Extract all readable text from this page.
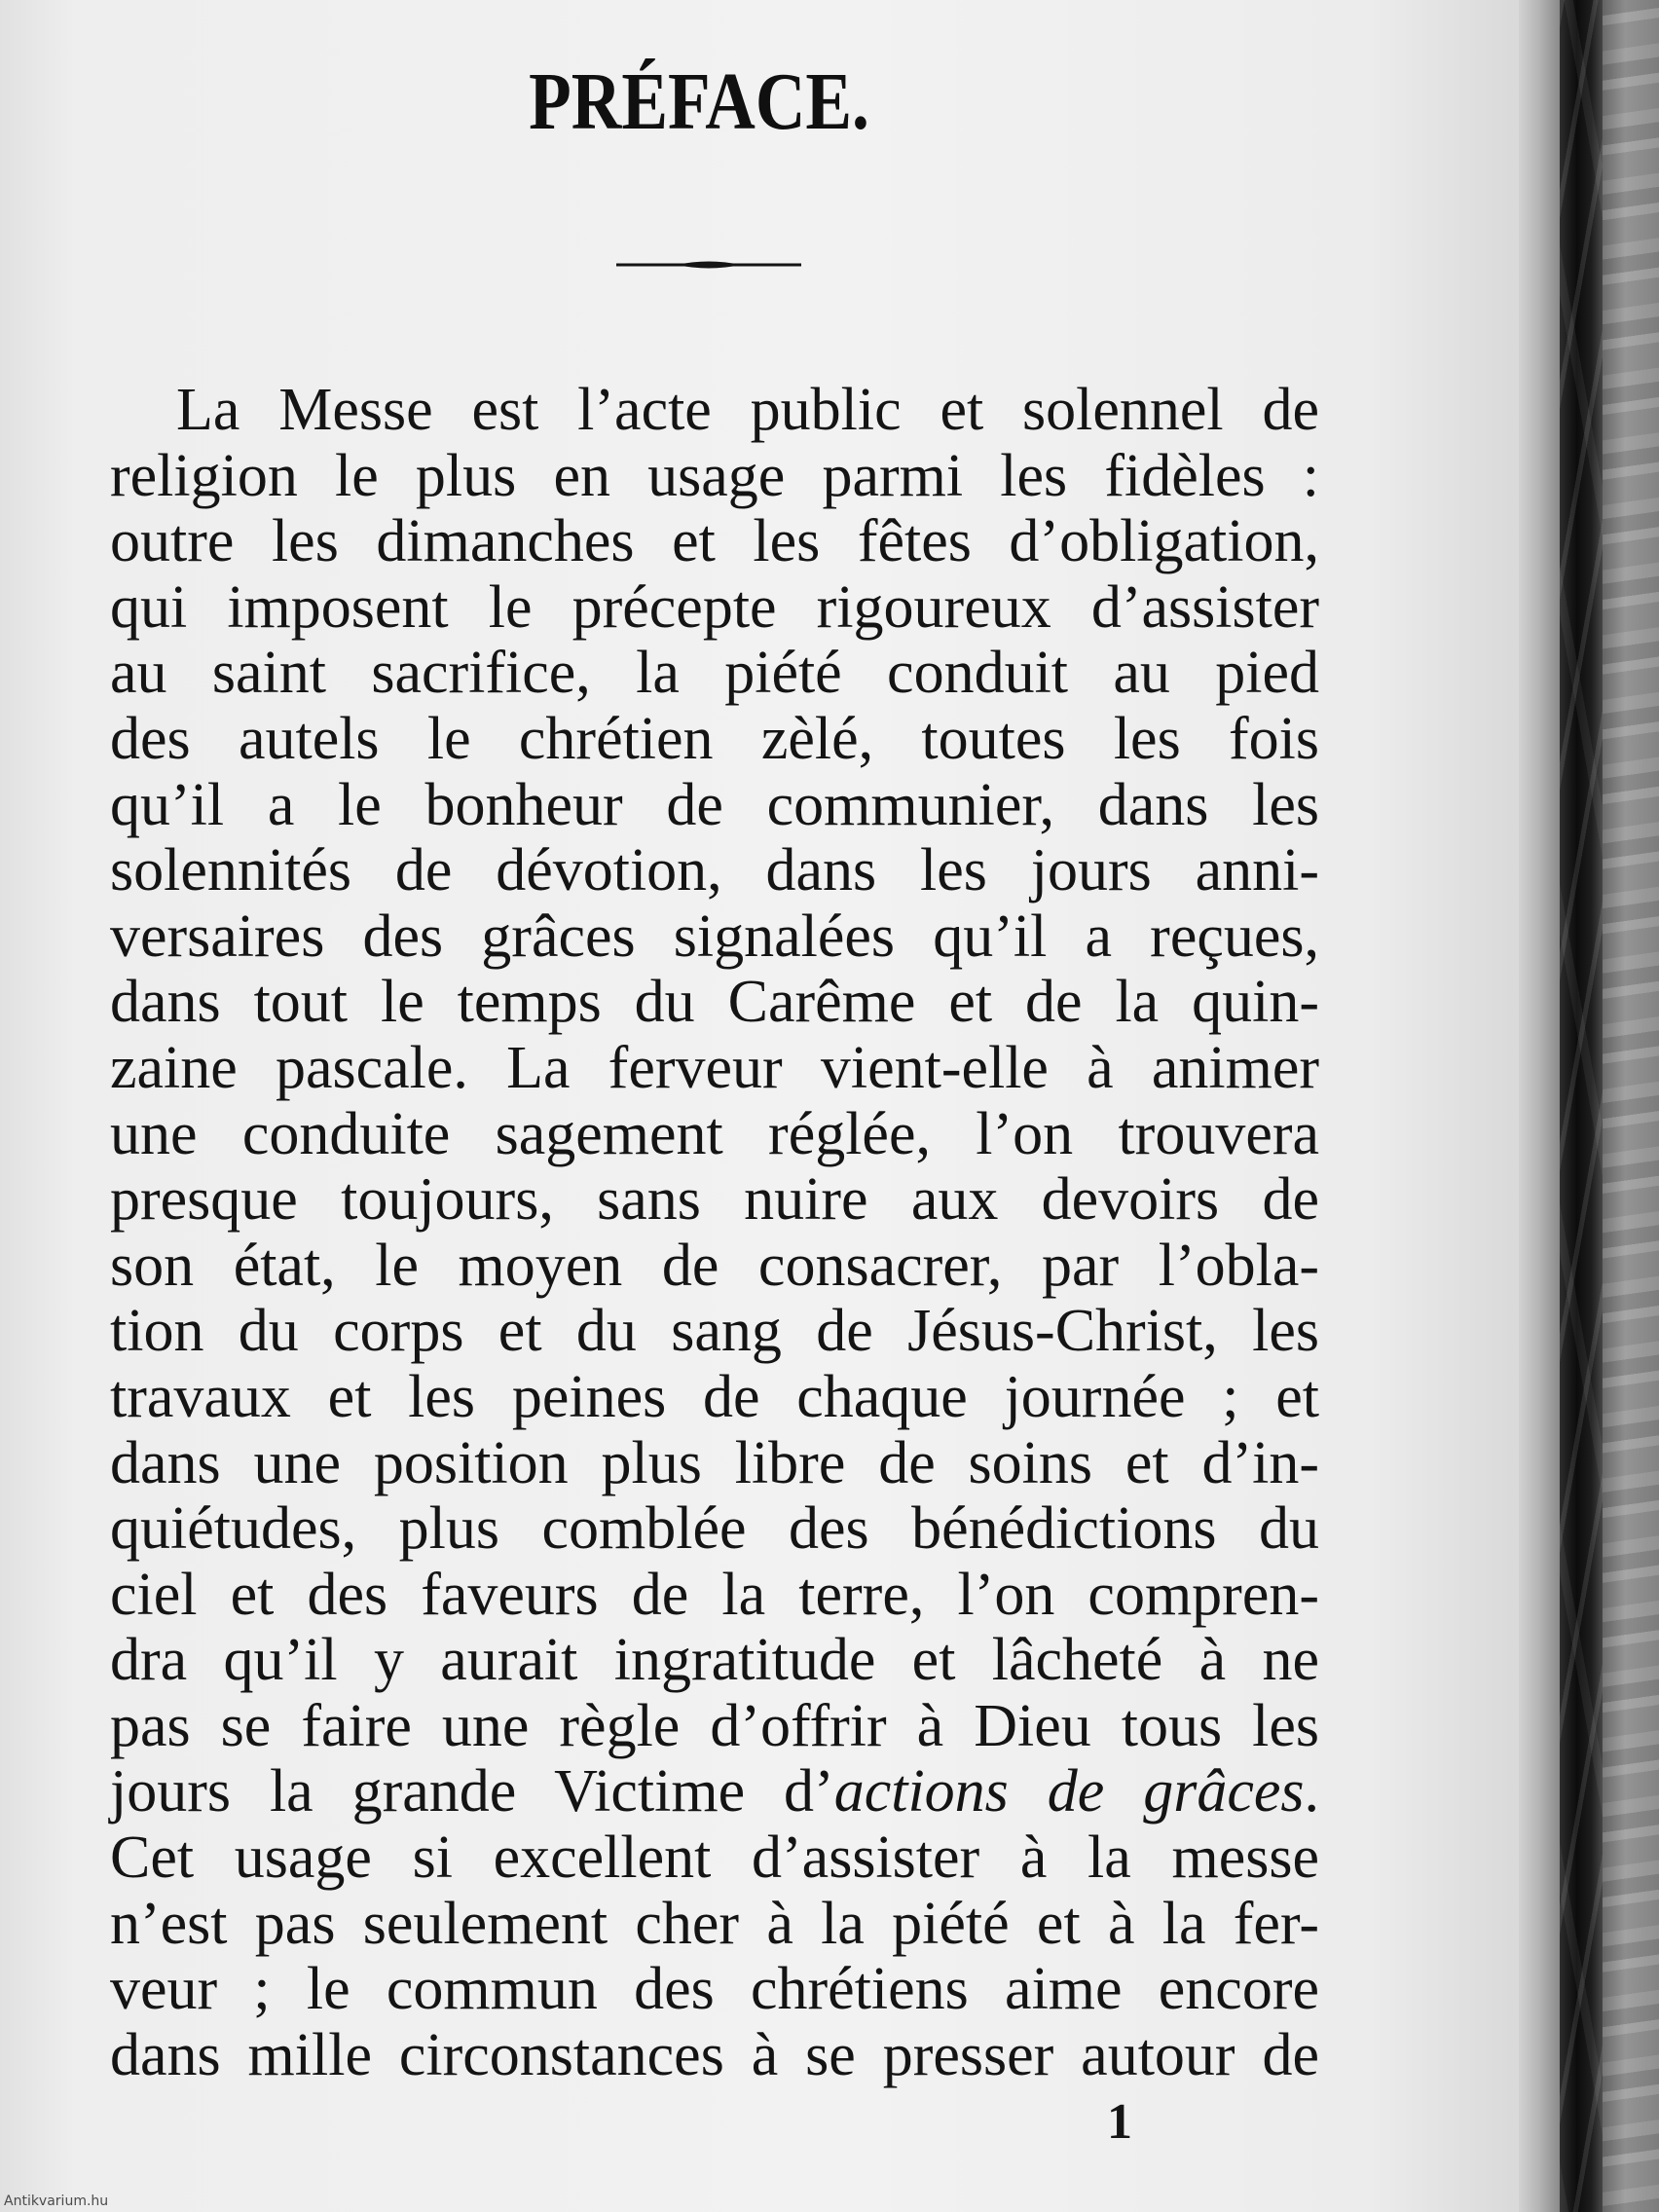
PRÉFACE.
La Messe est l’acte public et solennel de
religion le plus en usage parmi les fidèles :
outre les dimanches et les fêtes d’obligation,
qui imposent le précepte rigoureux d’assister
au saint sacrifice, la piété conduit au pied
des autels le chrétien zèlé, toutes les fois
qu’il a le bonheur de communier, dans les
solennités de dévotion, dans les jours anni-
versaires des grâces signalées qu’il a reçues,
dans tout le temps du Carême et de la quin-
zaine pascale. La ferveur vient-elle à animer
une conduite sagement réglée, l’on trouvera
presque toujours, sans nuire aux devoirs de
son état, le moyen de consacrer, par l’obla-
tion du corps et du sang de Jésus-Christ, les
travaux et les peines de chaque journée ; et
dans une position plus libre de soins et d’in-
quiétudes, plus comblée des bénédictions du
ciel et des faveurs de la terre, l’on compren-
dra qu’il y aurait ingratitude et lâcheté à ne
pas se faire une règle d’offrir à Dieu tous les
jours la grande Victime d’actions de grâces.
Cet usage si excellent d’assister à la messe
n’est pas seulement cher à la piété et à la fer-
veur ; le commun des chrétiens aime encore
dans mille circonstances à se presser autour de
1
Antikvarium.hu
